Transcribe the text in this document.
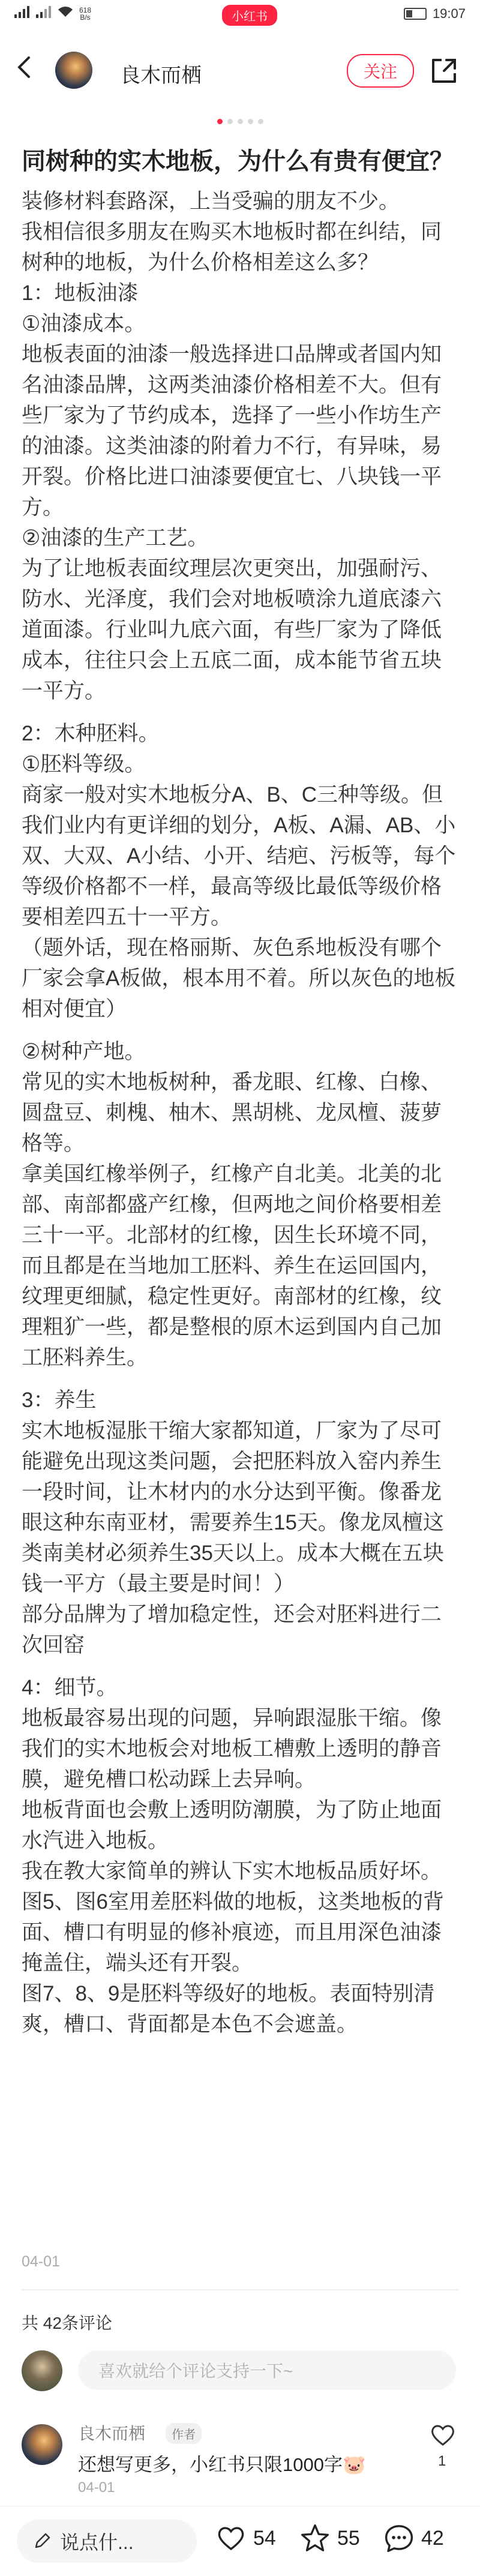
618
B/s	小红书	19:07
良木而栖	关注
同树种的实木地板，为什么有贵有便宜？

装修材料套路深，上当受骗的朋友不少。

我相信很多朋友在购买木地板时都在纠结，同树种的地板，为什么价格相差这么多？

1：地板油漆

①油漆成本。

地板表面的油漆一般选择进口品牌或者国内知名油漆品牌，这两类油漆价格相差不大。但有些厂家为了节约成本，选择了一些小作坊生产的油漆。这类油漆的附着力不行，有异味，易开裂。价格比进口油漆要便宜七、八块钱一平方。

②油漆的生产工艺。

为了让地板表面纹理层次更突出，加强耐污、防水、光泽度，我们会对地板喷涂九道底漆六道面漆。行业叫九底六面，有些厂家为了降低成本，往往只会上五底二面，成本能节省五块一平方。

2：木种胚料。

①胚料等级。

商家一般对实木地板分A、B、C三种等级。但我们业内有更详细的划分，A板、A漏、AB、小双、大双、A小结、小开、结疤、污板等，每个等级价格都不一样，最高等级比最低等级价格要相差四五十一平方。

（题外话，现在格丽斯、灰色系地板没有哪个厂家会拿A板做，根本用不着。所以灰色的地板相对便宜）

②树种产地。

常见的实木地板树种，番龙眼、红橡、白橡、圆盘豆、刺槐、柚木、黑胡桃、龙凤檀、菠萝格等。

拿美国红橡举例子，红橡产自北美。北美的北部、南部都盛产红橡，但两地之间价格要相差三十一平。北部材的红橡，因生长环境不同，而且都是在当地加工胚料、养生在运回国内，纹理更细腻，稳定性更好。南部材的红橡，纹理粗犷一些，都是整根的原木运到国内自己加工胚料养生。

3：养生

实木地板湿胀干缩大家都知道，厂家为了尽可能避免出现这类问题，会把胚料放入窑内养生一段时间，让木材内的水分达到平衡。像番龙眼这种东南亚材，需要养生15天。像龙凤檀这类南美材必须养生35天以上。成本大概在五块钱一平方（最主要是时间！）

部分品牌为了增加稳定性，还会对胚料进行二次回窑

4：细节。

地板最容易出现的问题，异响跟湿胀干缩。像我们的实木地板会对地板工槽敷上透明的静音膜，避免槽口松动踩上去异响。

地板背面也会敷上透明防潮膜，为了防止地面水汽进入地板。

我在教大家简单的辨认下实木地板品质好坏。

图5、图6室用差胚料做的地板，这类地板的背面、槽口有明显的修补痕迹，而且用深色油漆掩盖住，端头还有开裂。

图7、8、9是胚料等级好的地板。表面特别清爽，槽口、背面都是本色不会遮盖。

04-01
共 42条评论
喜欢就给个评论支持一下~
良木而栖	作者
还想写更多，小红书只限1000字🐷
04-01
1
说点什...	54	55	42
